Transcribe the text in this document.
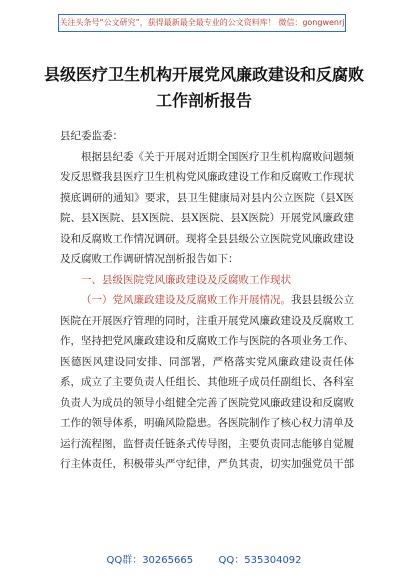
关注头条号“公文研究”，获得最新最全最专业的公文资料库！ 微信：gongwenrj
县级医疗卫生机构开展党风廉政建设和反腐败工作剖析报告

县纪委监委：

根据县纪委《关于开展对近期全国医疗卫生机构腐败问题频发反思暨我县医疗卫生机构党风廉政建设工作和反腐败工作现状摸底调研的通知》要求，县卫生健康局对县内公立医院（县X医院、县X医院、县X医院、县X医院、县X医院）开展党风廉政建设和反腐败工作情况调研。现将全县县级公立医院党风廉政建设及反腐败工作调研情况剖析报告如下：

一、县级医院党风廉政建设及反腐败工作现状

（一）党风廉政建设及反腐败工作开展情况。我县县级公立医院在开展医疗管理的同时，注重开展党风廉政建设及反腐败工作，坚持把党风廉政建设和反腐败工作与医院的各项业务工作、医德医风建设同安排、同部署，严格落实党风廉政建设责任体系，成立了主要负责人任组长、其他班子成员任副组长、各科室负责人为成员的领导小组健全完善了医院党风廉政建设和反腐败工作的领导体系，明确风险隐患。各医院制作了核心权力清单及运行流程图，监督责任链条式传导图，主要负责同志能够自觉履行主体责任，积极带头严守纪律，严负其责，切实加强党员干部

QQ群：30265665        QQ：535304092
